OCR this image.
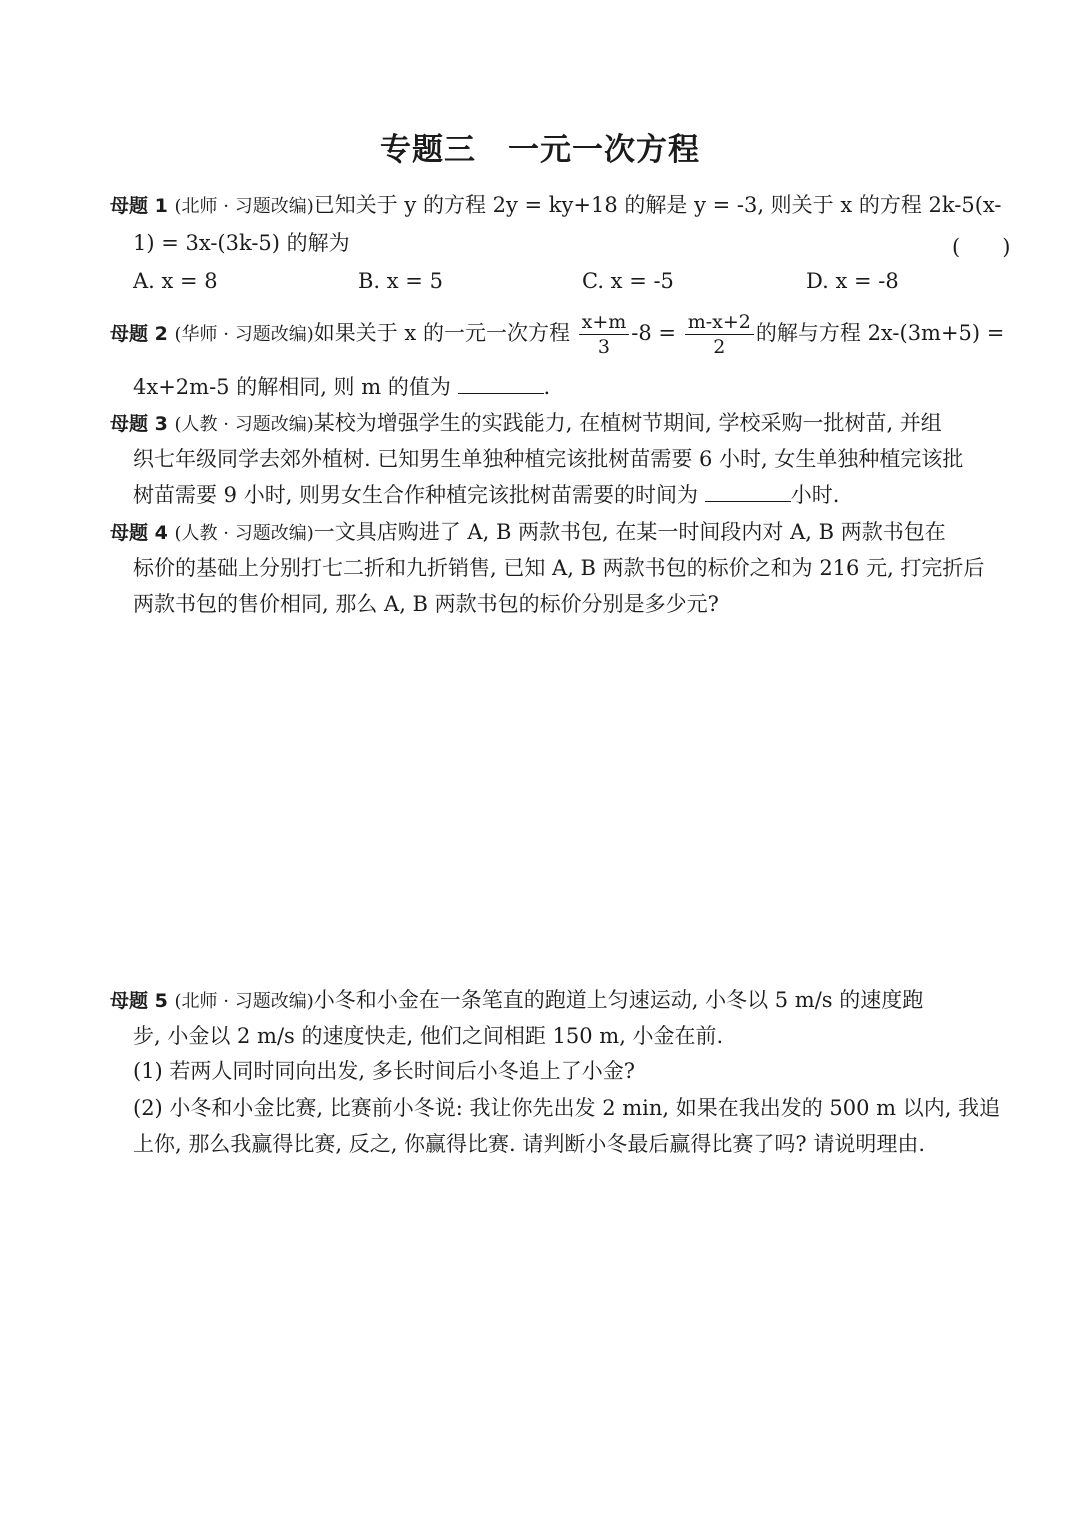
专题三　一元一次方程
母题 1 (北师 · 习题改编)已知关于 y 的方程 2y = ky+18 的解是 y = -3, 则关于 x 的方程 2k-5(x-
1) = 3x-(3k-5) 的解为	(　　)
A. x = 8	B. x = 5	C. x = -5	D. x = -8
母题 2 (华师 · 习题改编)如果关于 x 的一元一次方程 $\frac{x+m}{3} -8 = \frac{m-x+2}{2}$ 的解与方程 2x-(3m+5) =
4x+2m-5 的解相同, 则 m 的值为	.
母题 3 (人教 · 习题改编)某校为增强学生的实践能力, 在植树节期间, 学校采购一批树苗, 并组
织七年级同学去郊外植树. 已知男生单独种植完该批树苗需要 6 小时, 女生单独种植完该批
树苗需要 9 小时, 则男女生合作种植完该批树苗需要的时间为	小时.
母题 4 (人教 · 习题改编)一文具店购进了 A, B 两款书包, 在某一时间段内对 A, B 两款书包在
标价的基础上分别打七二折和九折销售, 已知 A, B 两款书包的标价之和为 216 元, 打完折后
两款书包的售价相同, 那么 A, B 两款书包的标价分别是多少元?
母题 5 (北师 · 习题改编)小冬和小金在一条笔直的跑道上匀速运动, 小冬以 5 m/s 的速度跑
步, 小金以 2 m/s 的速度快走, 他们之间相距 150 m, 小金在前.
(1) 若两人同时同向出发, 多长时间后小冬追上了小金?
(2) 小冬和小金比赛, 比赛前小冬说: 我让你先出发 2 min, 如果在我出发的 500 m 以内, 我追
上你, 那么我赢得比赛, 反之, 你赢得比赛. 请判断小冬最后赢得比赛了吗? 请说明理由.
